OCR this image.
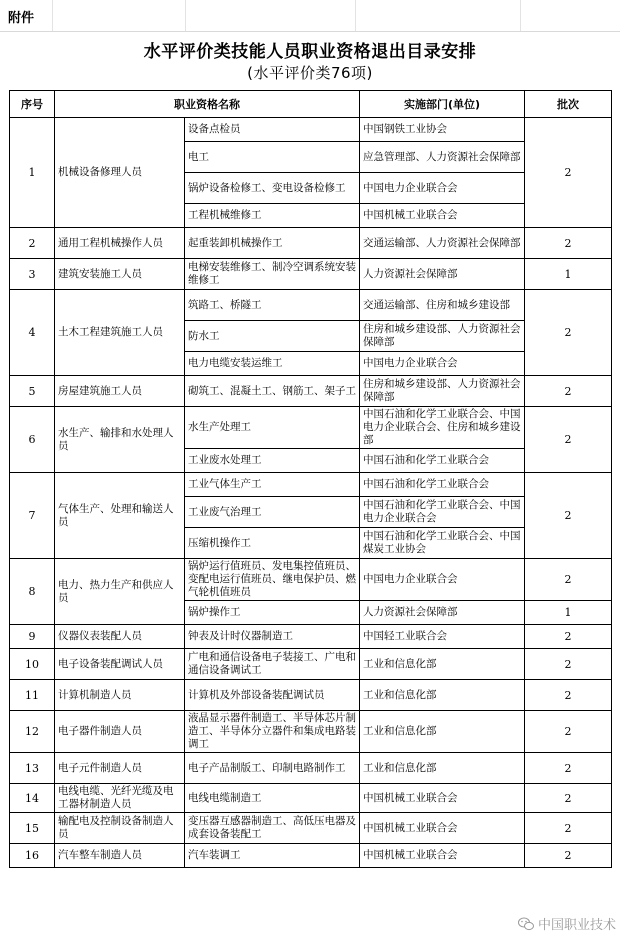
附件
水平评价类技能人员职业资格退出目录安排
(水平评价类76项)
序号	职业资格名称		实施部门(单位)	批次
1	机械设备修理人员	设备点检员	中国钢铁工业协会	2
		电工	应急管理部、人力资源社会保障部	
		锅炉设备检修工、变电设备检修工	中国电力企业联合会	
		工程机械维修工	中国机械工业联合会	
2	通用工程机械操作人员	起重装卸机械操作工	交通运输部、人力资源社会保障部	2
3	建筑安装施工人员	电梯安装维修工、制冷空调系统安装维修工	人力资源社会保障部	1
4	土木工程建筑施工人员	筑路工、桥隧工	交通运输部、住房和城乡建设部	2
		防水工	住房和城乡建设部、人力资源社会保障部	
		电力电缆安装运维工	中国电力企业联合会	
5	房屋建筑施工人员	砌筑工、混凝土工、钢筋工、架子工	住房和城乡建设部、人力资源社会保障部	2
6	水生产、输排和水处理人员	水生产处理工	中国石油和化学工业联合会、中国电力企业联合会、住房和城乡建设部	2
		工业废水处理工	中国石油和化学工业联合会	
7	气体生产、处理和输送人员	工业气体生产工	中国石油和化学工业联合会	2
		工业废气治理工	中国石油和化学工业联合会、中国电力企业联合会	
		压缩机操作工	中国石油和化学工业联合会、中国煤炭工业协会	
8	电力、热力生产和供应人员	锅炉运行值班员、发电集控值班员、变配电运行值班员、继电保护员、燃气轮机值班员	中国电力企业联合会	2
		锅炉操作工	人力资源社会保障部	1
9	仪器仪表装配人员	钟表及计时仪器制造工	中国轻工业联合会	2
10	电子设备装配调试人员	广电和通信设备电子装接工、广电和通信设备调试工	工业和信息化部	2
11	计算机制造人员	计算机及外部设备装配调试员	工业和信息化部	2
12	电子器件制造人员	液晶显示器件制造工、半导体芯片制造工、半导体分立器件和集成电路装调工	工业和信息化部	2
13	电子元件制造人员	电子产品制版工、印制电路制作工	工业和信息化部	2
14	电线电缆、光纤光缆及电工器材制造人员	电线电缆制造工	中国机械工业联合会	2
15	输配电及控制设备制造人员	变压器互感器制造工、高低压电器及成套设备装配工	中国机械工业联合会	2
16	汽车整车制造人员	汽车装调工	中国机械工业联合会	2
中国职业技术
